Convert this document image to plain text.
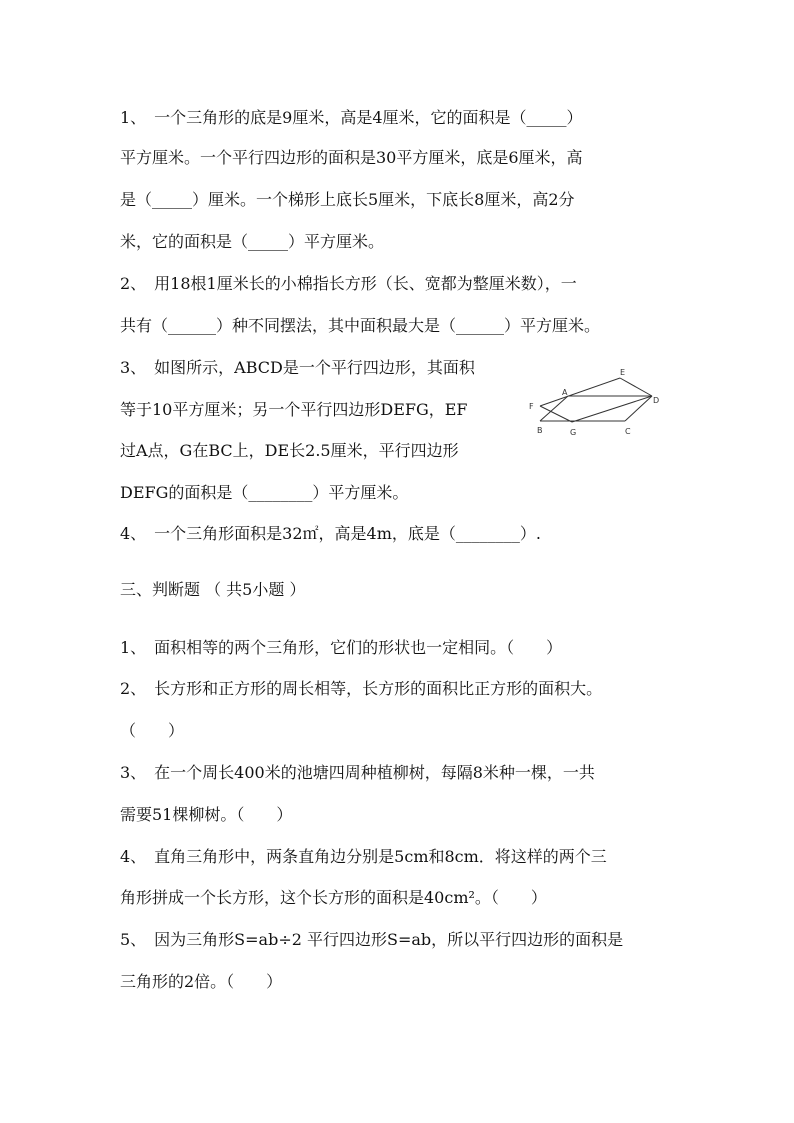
1、　一个三角形的底是9厘米，高是4厘米，它的面积是（_____）
平方厘米。一个平行四边形的面积是30平方厘米，底是6厘米，高
是（_____）厘米。一个梯形上底长5厘米，下底长8厘米，高2分
米，它的面积是（_____）平方厘米。
2、　用18根1厘米长的小棉指长方形（长、宽都为整厘米数），一
共有（______）种不同摆法，其中面积最大是（______）平方厘米。
3、　如图所示，ABCD是一个平行四边形，其面积
等于10平方厘米；另一个平行四边形DEFG，EF
过A点，G在BC上，DE长2.5厘米，平行四边形
DEFG的面积是（________）平方厘米。
A
B	C
D
E
F
G
4、　一个三角形面积是32㎡，高是4m，底是（________）.
三、判断题 （ 共5小题 ）
1、　面积相等的两个三角形，它们的形状也一定相同。（　　）
2、　长方形和正方形的周长相等，长方形的面积比正方形的面积大。
（　　）
3、　在一个周长400米的池塘四周种植柳树，每隔8米种一棵，一共
需要51棵柳树。（　　）
4、　直角三角形中，两条直角边分别是5cm和8cm．将这样的两个三
角形拼成一个长方形，这个长方形的面积是40cm²。（　　）
5、　因为三角形S=ab÷2 平行四边形S=ab，所以平行四边形的面积是
三角形的2倍。（　　）
